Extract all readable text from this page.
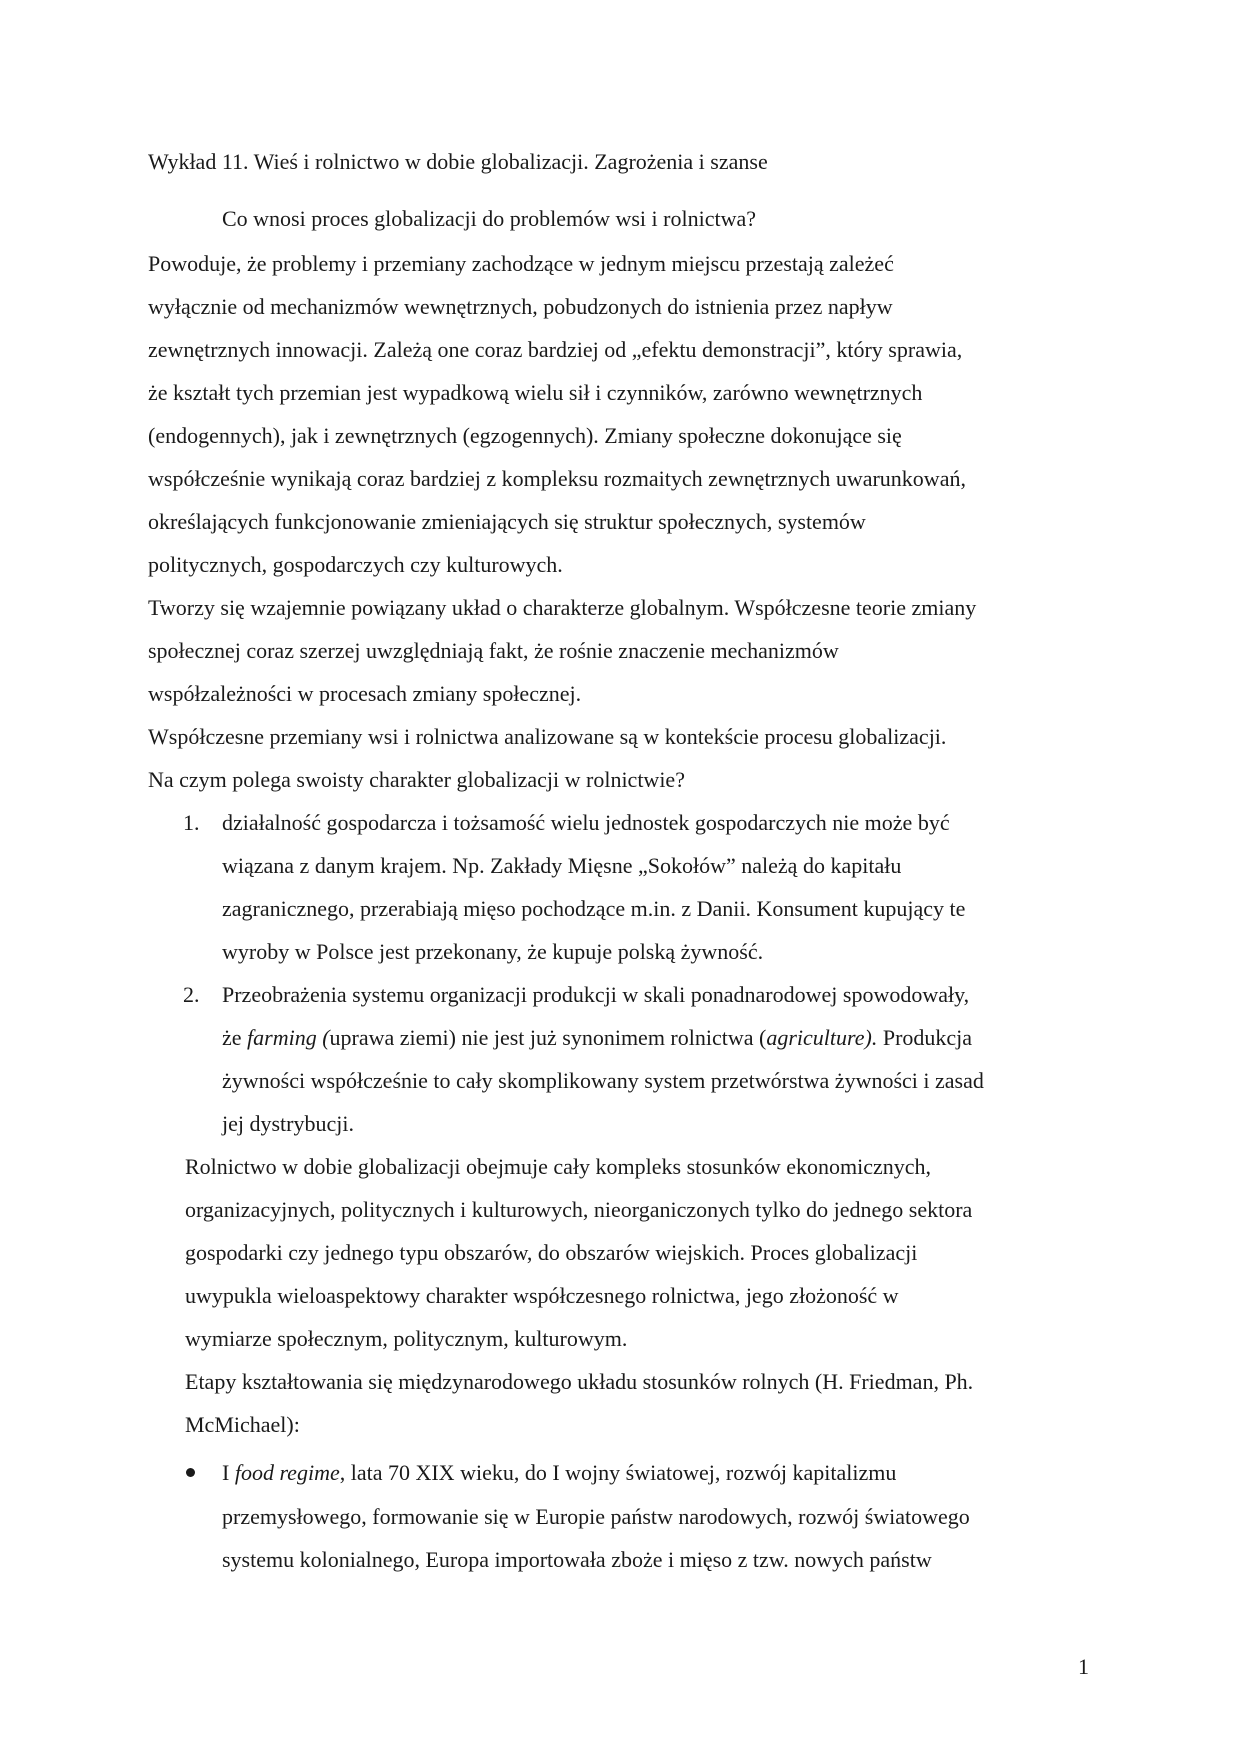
Wykład 11. Wieś i rolnictwo w dobie globalizacji. Zagrożenia i szanse
Co wnosi proces globalizacji do problemów wsi i rolnictwa?
Powoduje, że problemy i przemiany zachodzące w jednym miejscu przestają zależeć
wyłącznie od mechanizmów wewnętrznych, pobudzonych do istnienia przez napływ
zewnętrznych innowacji. Zależą one coraz bardziej od „efektu demonstracji”, który sprawia,
że kształt tych przemian jest wypadkową wielu sił i czynników, zarówno wewnętrznych
(endogennych), jak i zewnętrznych (egzogennych). Zmiany społeczne dokonujące się
współcześnie wynikają coraz bardziej z kompleksu rozmaitych zewnętrznych uwarunkowań,
określających funkcjonowanie zmieniających się struktur społecznych, systemów
politycznych, gospodarczych czy kulturowych.
Tworzy się wzajemnie powiązany układ o charakterze globalnym. Współczesne teorie zmiany
społecznej coraz szerzej uwzględniają fakt, że rośnie znaczenie mechanizmów
współzależności w procesach zmiany społecznej.
Współczesne przemiany wsi i rolnictwa analizowane są w kontekście procesu globalizacji.
Na czym polega swoisty charakter globalizacji w rolnictwie?
1. działalność gospodarcza i tożsamość wielu jednostek gospodarczych nie może być
wiązana z danym krajem. Np. Zakłady Mięsne „Sokołów” należą do kapitału
zagranicznego, przerabiają mięso pochodzące m.in. z Danii. Konsument kupujący te
wyroby w Polsce jest przekonany, że kupuje polską żywność.
2. Przeobrażenia systemu organizacji produkcji w skali ponadnarodowej spowodowały,
że farming (uprawa ziemi) nie jest już synonimem rolnictwa (agriculture). Produkcja
żywności współcześnie to cały skomplikowany system przetwórstwa żywności i zasad
jej dystrybucji.
Rolnictwo w dobie globalizacji obejmuje cały kompleks stosunków ekonomicznych,
organizacyjnych, politycznych i kulturowych, nieorganiczonych tylko do jednego sektora
gospodarki czy jednego typu obszarów, do obszarów wiejskich. Proces globalizacji
uwypukla wieloaspektowy charakter współczesnego rolnictwa, jego złożoność w
wymiarze społecznym, politycznym, kulturowym.
Etapy kształtowania się międzynarodowego układu stosunków rolnych (H. Friedman, Ph.
McMichael):
I food regime, lata 70 XIX wieku, do I wojny światowej, rozwój kapitalizmu
przemysłowego, formowanie się w Europie państw narodowych, rozwój światowego
systemu kolonialnego, Europa importowała zboże i mięso z tzw. nowych państw
1
